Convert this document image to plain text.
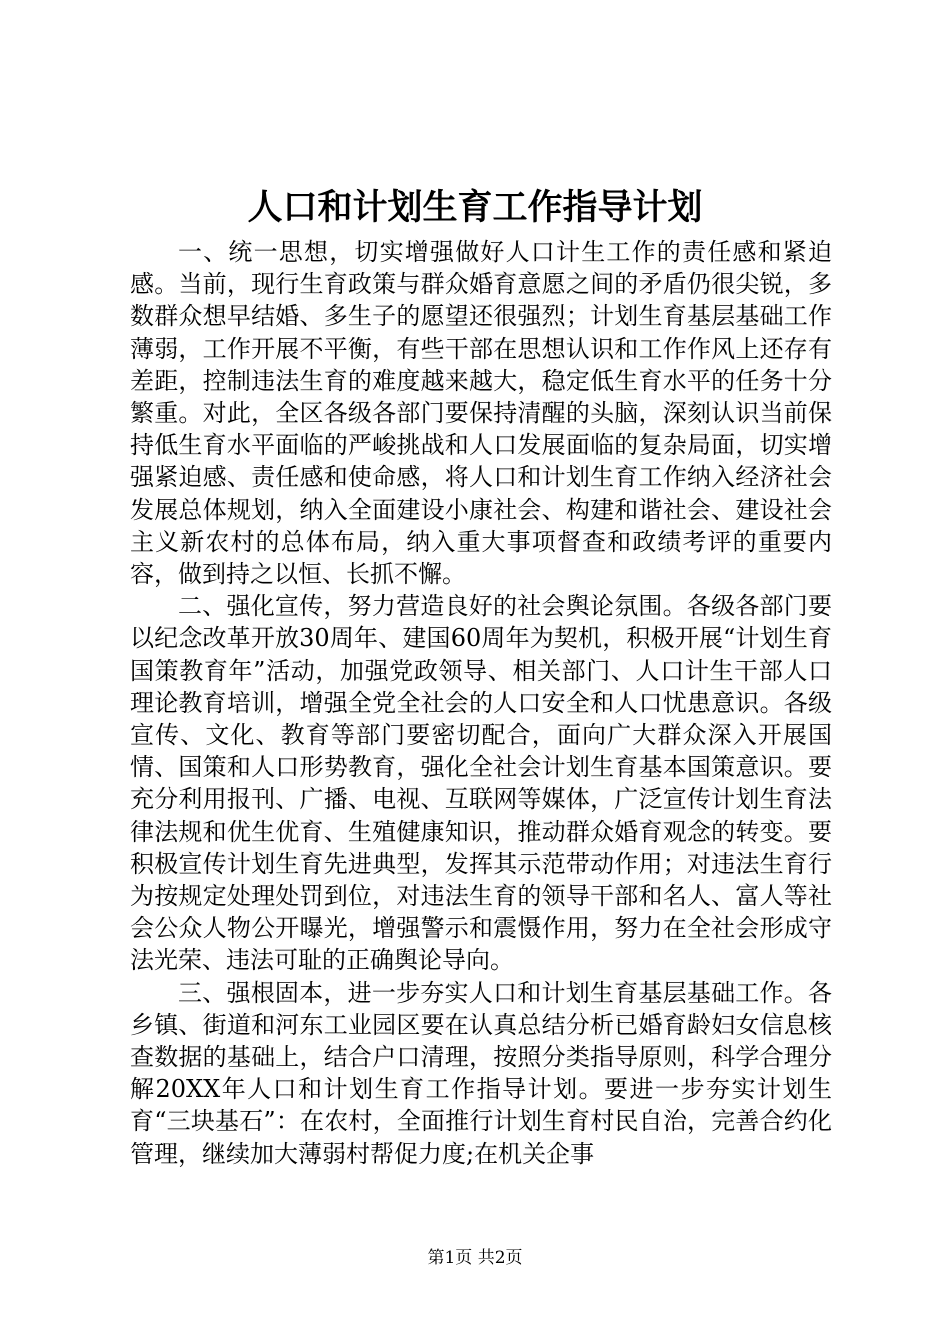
人口和计划生育工作指导计划

一、统一思想，切实增强做好人口计生工作的责任感和紧迫感。当前，现行生育政策与群众婚育意愿之间的矛盾仍很尖锐，多数群众想早结婚、多生子的愿望还很强烈；计划生育基层基础工作薄弱，工作开展不平衡，有些干部在思想认识和工作作风上还存有差距，控制违法生育的难度越来越大，稳定低生育水平的任务十分繁重。对此，全区各级各部门要保持清醒的头脑，深刻认识当前保持低生育水平面临的严峻挑战和人口发展面临的复杂局面，切实增强紧迫感、责任感和使命感，将人口和计划生育工作纳入经济社会发展总体规划，纳入全面建设小康社会、构建和谐社会、建设社会主义新农村的总体布局，纳入重大事项督查和政绩考评的重要内容，做到持之以恒、长抓不懈。

二、强化宣传，努力营造良好的社会舆论氛围。各级各部门要以纪念改革开放30周年、建国60周年为契机，积极开展“计划生育国策教育年”活动，加强党政领导、相关部门、人口计生干部人口理论教育培训，增强全党全社会的人口安全和人口忧患意识。各级宣传、文化、教育等部门要密切配合，面向广大群众深入开展国情、国策和人口形势教育，强化全社会计划生育基本国策意识。要充分利用报刊、广播、电视、互联网等媒体，广泛宣传计划生育法律法规和优生优育、生殖健康知识，推动群众婚育观念的转变。要积极宣传计划生育先进典型，发挥其示范带动作用；对违法生育行为按规定处理处罚到位，对违法生育的领导干部和名人、富人等社会公众人物公开曝光，增强警示和震慑作用，努力在全社会形成守法光荣、违法可耻的正确舆论导向。

三、强根固本，进一步夯实人口和计划生育基层基础工作。各乡镇、街道和河东工业园区要在认真总结分析已婚育龄妇女信息核查数据的基础上，结合户口清理，按照分类指导原则，科学合理分解20XX年人口和计划生育工作指导计划。要进一步夯实计划生育“三块基石”：在农村，全面推行计划生育村民自治，完善合约化管理，继续加大薄弱村帮促力度;在机关企事

第1页 共2页
